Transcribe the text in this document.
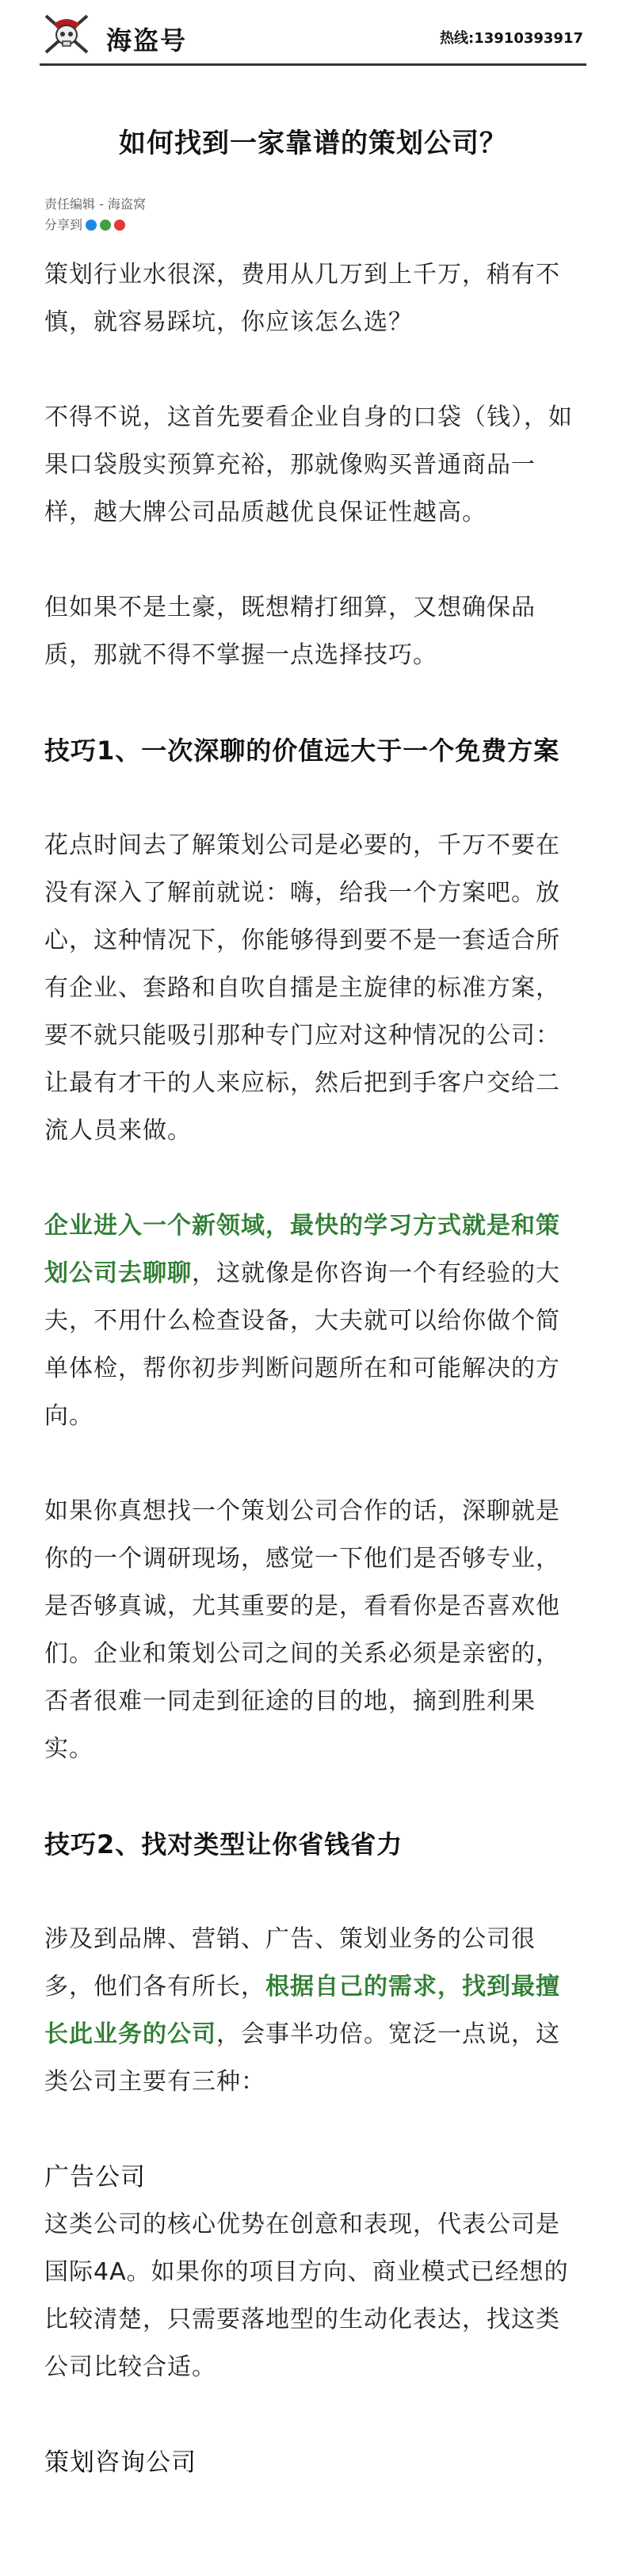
海盗号	热线:13910393917
如何找到一家靠谱的策划公司？
责任编辑 - 海盗窝
分享到

策划行业水很深，费用从几万到上千万，稍有不慎，就容易踩坑，你应该怎么选？

不得不说，这首先要看企业自身的口袋（钱），如果口袋殷实预算充裕，那就像购买普通商品一样，越大牌公司品质越优良保证性越高。

但如果不是土豪，既想精打细算，又想确保品质，那就不得不掌握一点选择技巧。

技巧1、一次深聊的价值远大于一个免费方案

花点时间去了解策划公司是必要的，千万不要在没有深入了解前就说：嗨，给我一个方案吧。放心，这种情况下，你能够得到要不是一套适合所有企业、套路和自吹自擂是主旋律的标准方案，要不就只能吸引那种专门应对这种情况的公司：让最有才干的人来应标，然后把到手客户交给二流人员来做。

企业进入一个新领域，最快的学习方式就是和策划公司去聊聊，这就像是你咨询一个有经验的大夫，不用什么检查设备，大夫就可以给你做个简单体检，帮你初步判断问题所在和可能解决的方向。

如果你真想找一个策划公司合作的话，深聊就是你的一个调研现场，感觉一下他们是否够专业，是否够真诚，尤其重要的是，看看你是否喜欢他们。企业和策划公司之间的关系必须是亲密的，否者很难一同走到征途的目的地，摘到胜利果实。

技巧2、找对类型让你省钱省力

涉及到品牌、营销、广告、策划业务的公司很多，他们各有所长，根据自己的需求，找到最擅长此业务的公司，会事半功倍。宽泛一点说，这类公司主要有三种：

广告公司

这类公司的核心优势在创意和表现，代表公司是国际4A。如果你的项目方向、商业模式已经想的比较清楚，只需要落地型的生动化表达，找这类公司比较合适。

策划咨询公司
